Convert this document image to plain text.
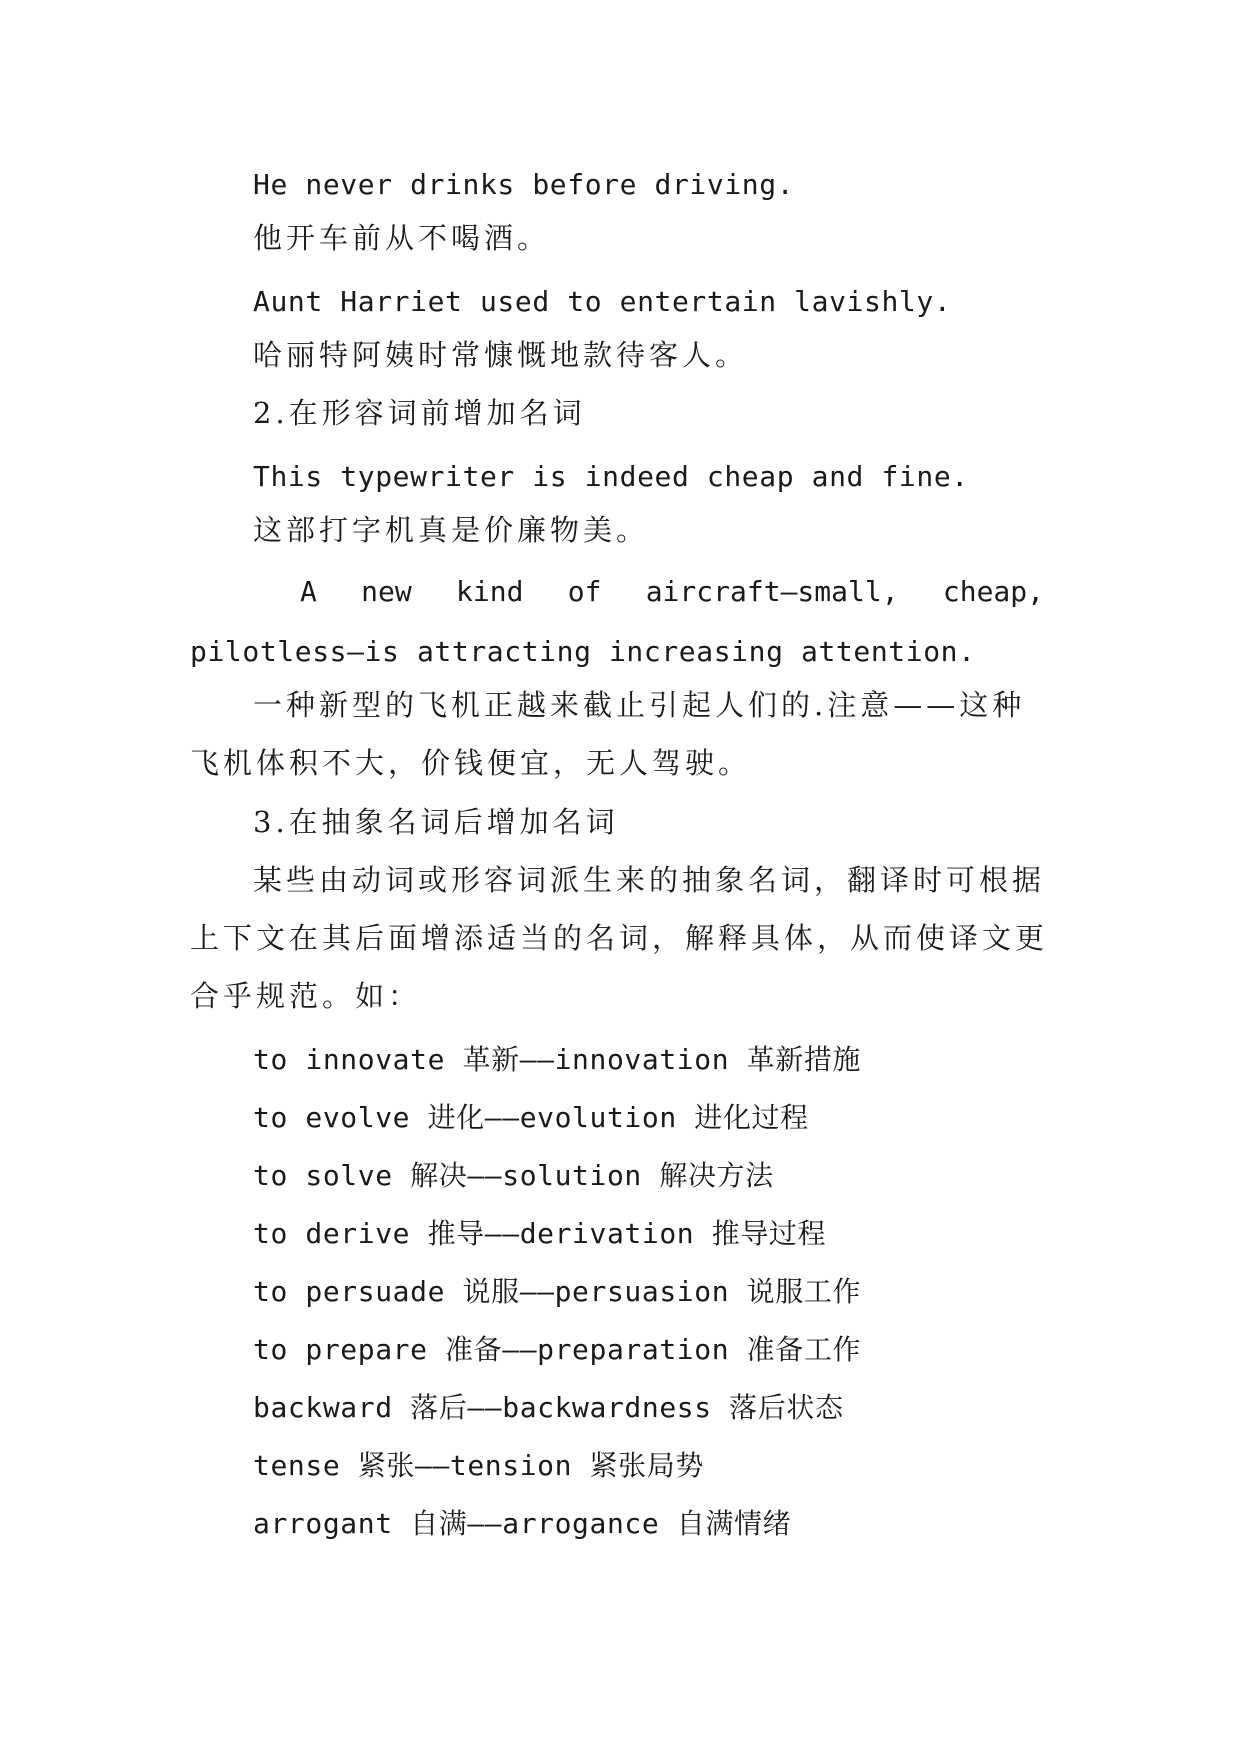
He never drinks before driving.
他开车前从不喝酒。
Aunt Harriet used to entertain lavishly.
哈丽特阿姨时常慷慨地款待客人。
2.在形容词前增加名词
This typewriter is indeed cheap and fine.
这部打字机真是价廉物美。
A new kind of aircraft—small, cheap,
pilotless—is attracting increasing attention.
一种新型的飞机正越来截止引起人们的.注意——这种
飞机体积不大，价钱便宜，无人驾驶。
3.在抽象名词后增加名词
某些由动词或形容词派生来的抽象名词，翻译时可根据
上下文在其后面增添适当的名词，解释具体，从而使译文更
合乎规范。如：
to innovate 革新——innovation 革新措施
to evolve 进化——evolution 进化过程
to solve 解决——solution 解决方法
to derive 推导——derivation 推导过程
to persuade 说服——persuasion 说服工作
to prepare 准备——preparation 准备工作
backward 落后——backwardness 落后状态
tense 紧张——tension 紧张局势
arrogant 自满——arrogance 自满情绪
